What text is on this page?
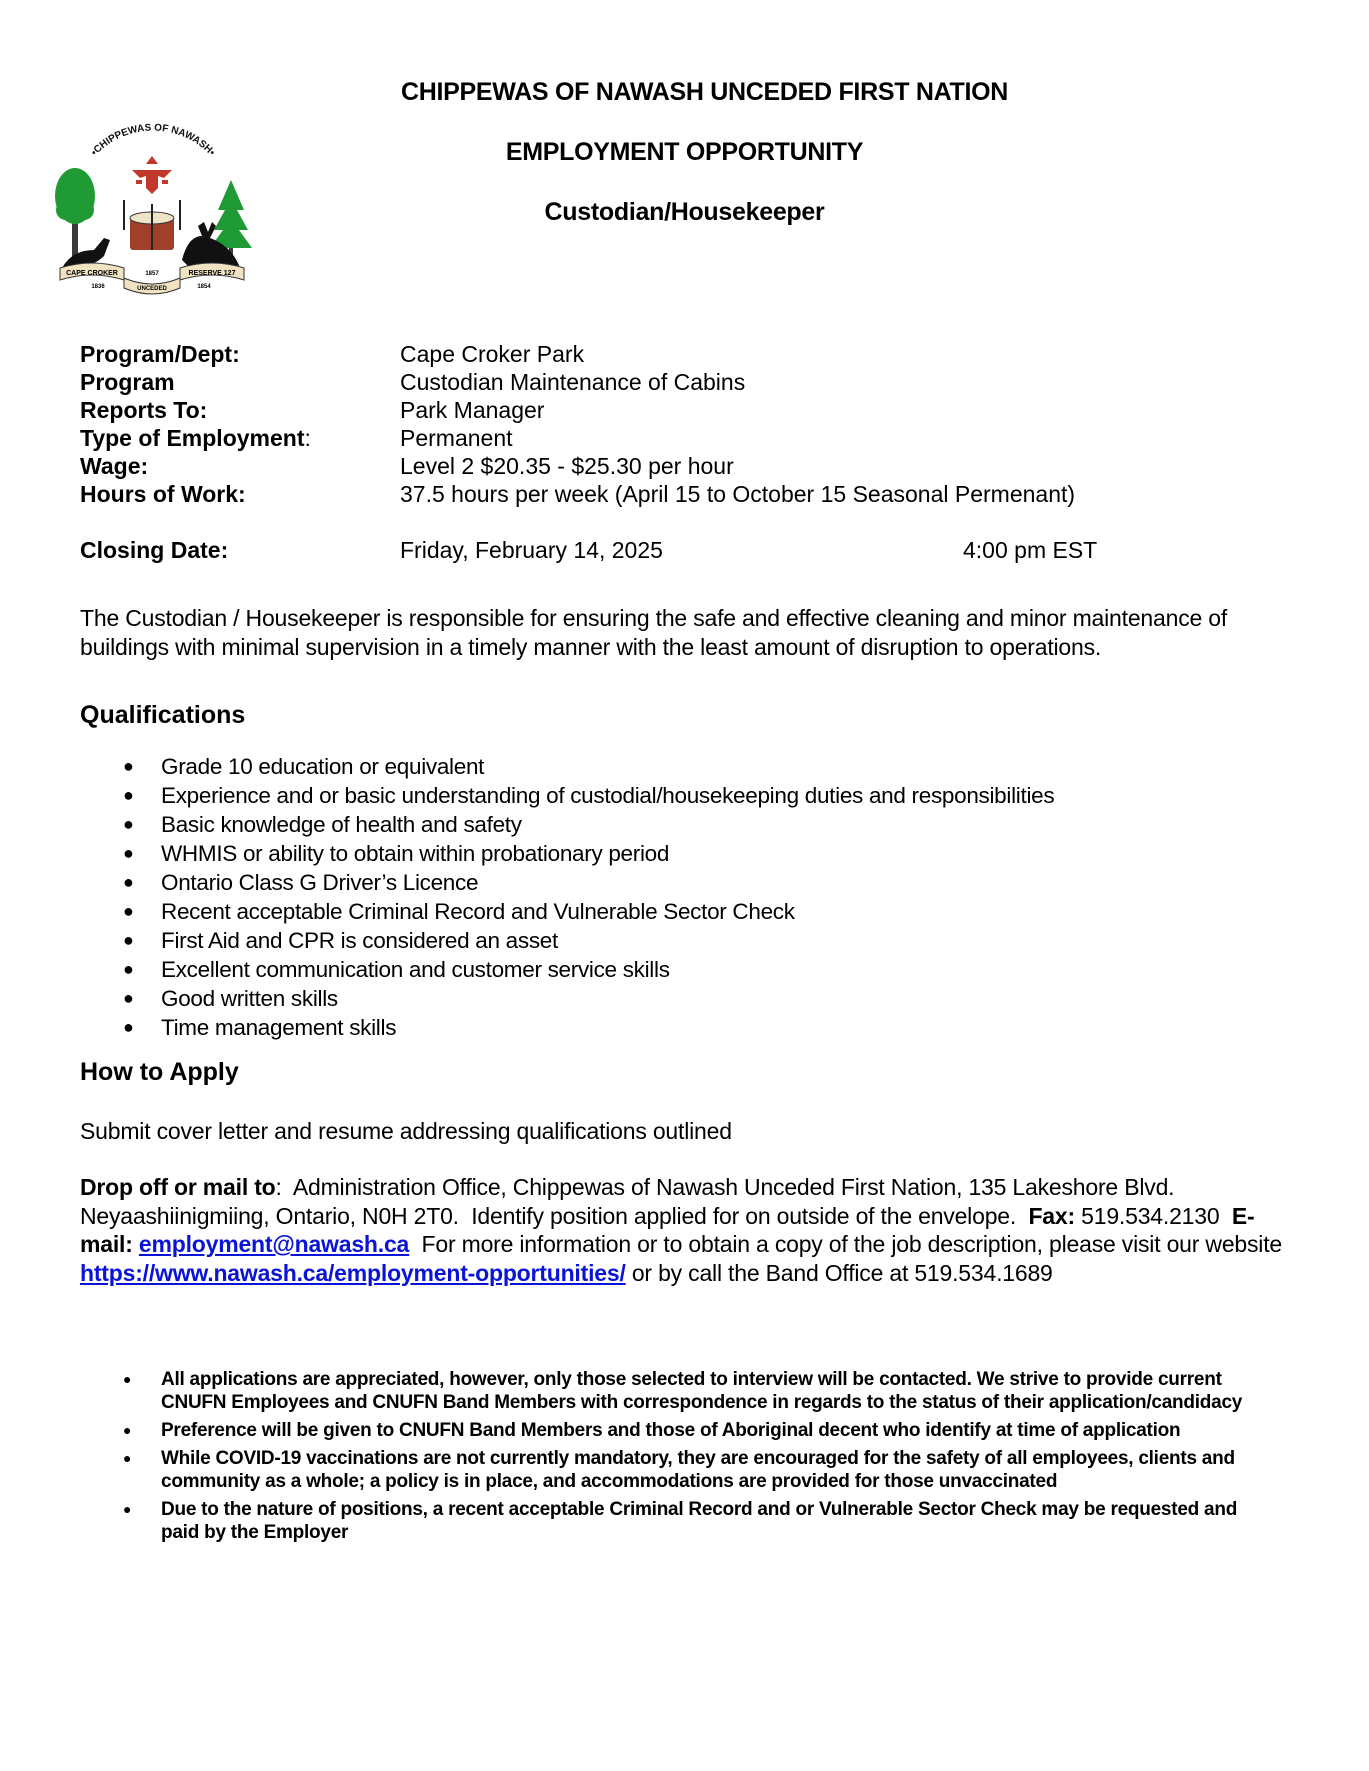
CHIPPEWAS OF NAWASH UNCEDED FIRST NATION
EMPLOYMENT OPPORTUNITY
Custodian/Housekeeper
•CHIPPEWAS OF NAWASH•
CAPE CROKER	RESERVE 127
UNCEDED
1836
1857
1854
Program/Dept:	Cape Croker Park
Program	Custodian Maintenance of Cabins
Reports To:	Park Manager
Type of Employment:	Permanent
Wage:	Level 2 $20.35 - $25.30 per hour
Hours of Work:	37.5 hours per week (April 15 to October 15 Seasonal Permenant)
Closing Date:	Friday, February 14, 2025	4:00 pm EST

The Custodian / Housekeeper is responsible for ensuring the safe and effective cleaning and minor maintenance of buildings with minimal supervision in a timely manner with the least amount of disruption to operations.

Qualifications
● Grade 10 education or equivalent
● Experience and or basic understanding of custodial/housekeeping duties and responsibilities
● Basic knowledge of health and safety
● WHMIS or ability to obtain within probationary period
● Ontario Class G Driver’s Licence
● Recent acceptable Criminal Record and Vulnerable Sector Check
● First Aid and CPR is considered an asset
● Excellent communication and customer service skills
● Good written skills
● Time management skills
How to Apply

Submit cover letter and resume addressing qualifications outlined

Drop off or mail to:  Administration Office, Chippewas of Nawash Unceded First Nation, 135 Lakeshore Blvd. Neyaashiinigmiing, Ontario, N0H 2T0.  Identify position applied for on outside of the envelope.  Fax: 519.534.2130  E-mail: employment@nawash.ca  For more information or to obtain a copy of the job description, please visit our website https://www.nawash.ca/employment-opportunities/ or by call the Band Office at 519.534.1689

● All applications are appreciated, however, only those selected to interview will be contacted. We strive to provide current CNUFN Employees and CNUFN Band Members with correspondence in regards to the status of their application/candidacy
● Preference will be given to CNUFN Band Members and those of Aboriginal decent who identify at time of application
● While COVID-19 vaccinations are not currently mandatory, they are encouraged for the safety of all employees, clients and community as a whole; a policy is in place, and accommodations are provided for those unvaccinated
● Due to the nature of positions, a recent acceptable Criminal Record and or Vulnerable Sector Check may be requested and paid by the Employer
